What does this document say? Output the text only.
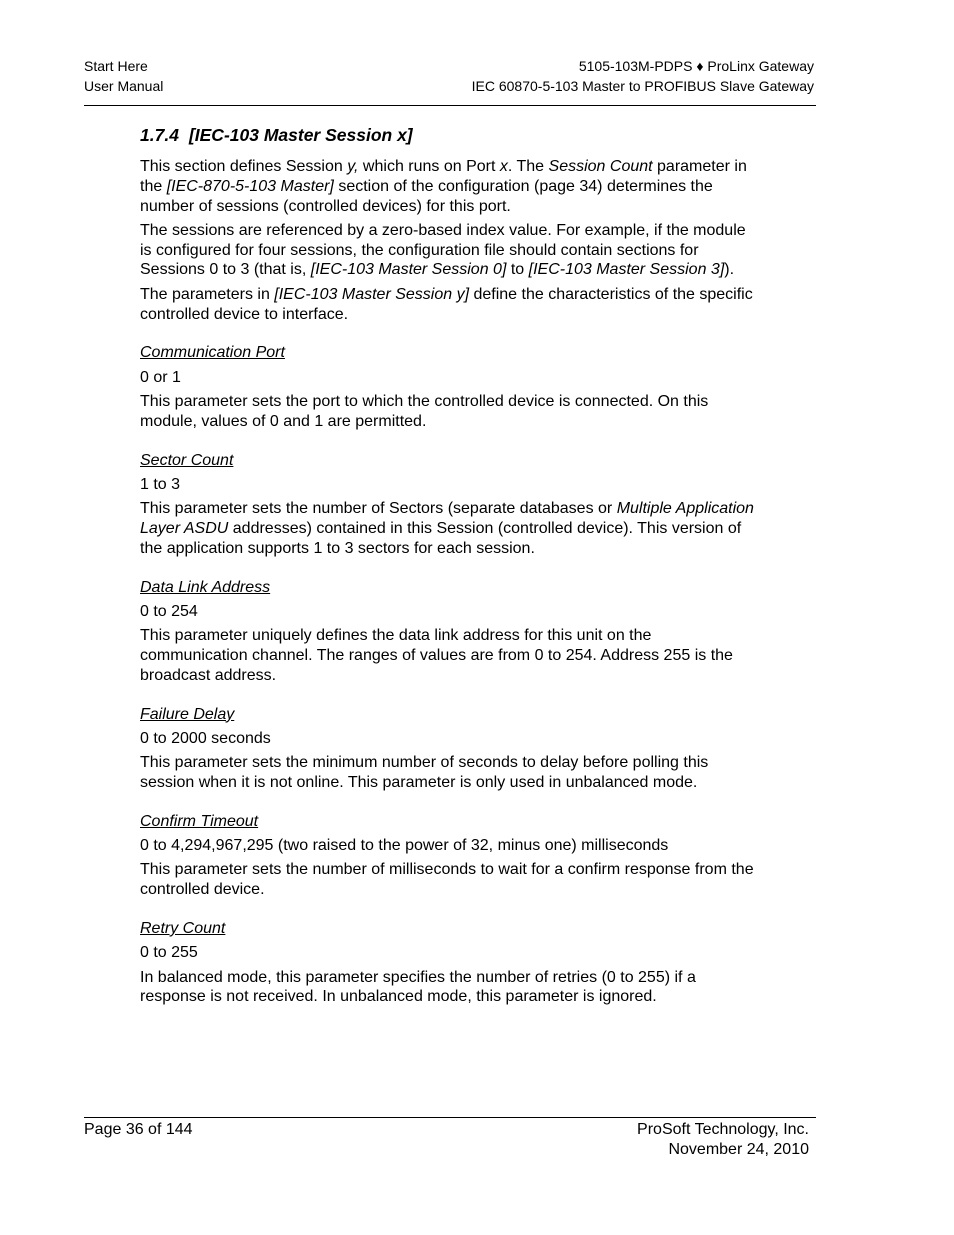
Start Here
User Manual
5105-103M-PDPS ♦ ProLinx Gateway
IEC 60870-5-103 Master to PROFIBUS Slave Gateway
1.7.4 [IEC-103 Master Session x]

This section defines Session y, which runs on Port x. The Session Count parameter in the [IEC-870-5-103 Master] section of the configuration (page 34) determines the number of sessions (controlled devices) for this port.

The sessions are referenced by a zero-based index value. For example, if the module is configured for four sessions, the configuration file should contain sections for Sessions 0 to 3 (that is, [IEC-103 Master Session 0] to [IEC-103 Master Session 3]).

The parameters in [IEC-103 Master Session y] define the characteristics of the specific controlled device to interface.

Communication Port

0 or 1

This parameter sets the port to which the controlled device is connected. On this module, values of 0 and 1 are permitted.

Sector Count

1 to 3

This parameter sets the number of Sectors (separate databases or Multiple Application Layer ASDU addresses) contained in this Session (controlled device). This version of the application supports 1 to 3 sectors for each session.

Data Link Address

0 to 254

This parameter uniquely defines the data link address for this unit on the communication channel. The ranges of values are from 0 to 254. Address 255 is the broadcast address.

Failure Delay

0 to 2000 seconds

This parameter sets the minimum number of seconds to delay before polling this session when it is not online. This parameter is only used in unbalanced mode.

Confirm Timeout

0 to 4,294,967,295 (two raised to the power of 32, minus one) milliseconds

This parameter sets the number of milliseconds to wait for a confirm response from the controlled device.

Retry Count

0 to 255

In balanced mode, this parameter specifies the number of retries (0 to 255) if a response is not received. In unbalanced mode, this parameter is ignored.

Page 36 of 144	ProSoft Technology, Inc.
November 24, 2010
